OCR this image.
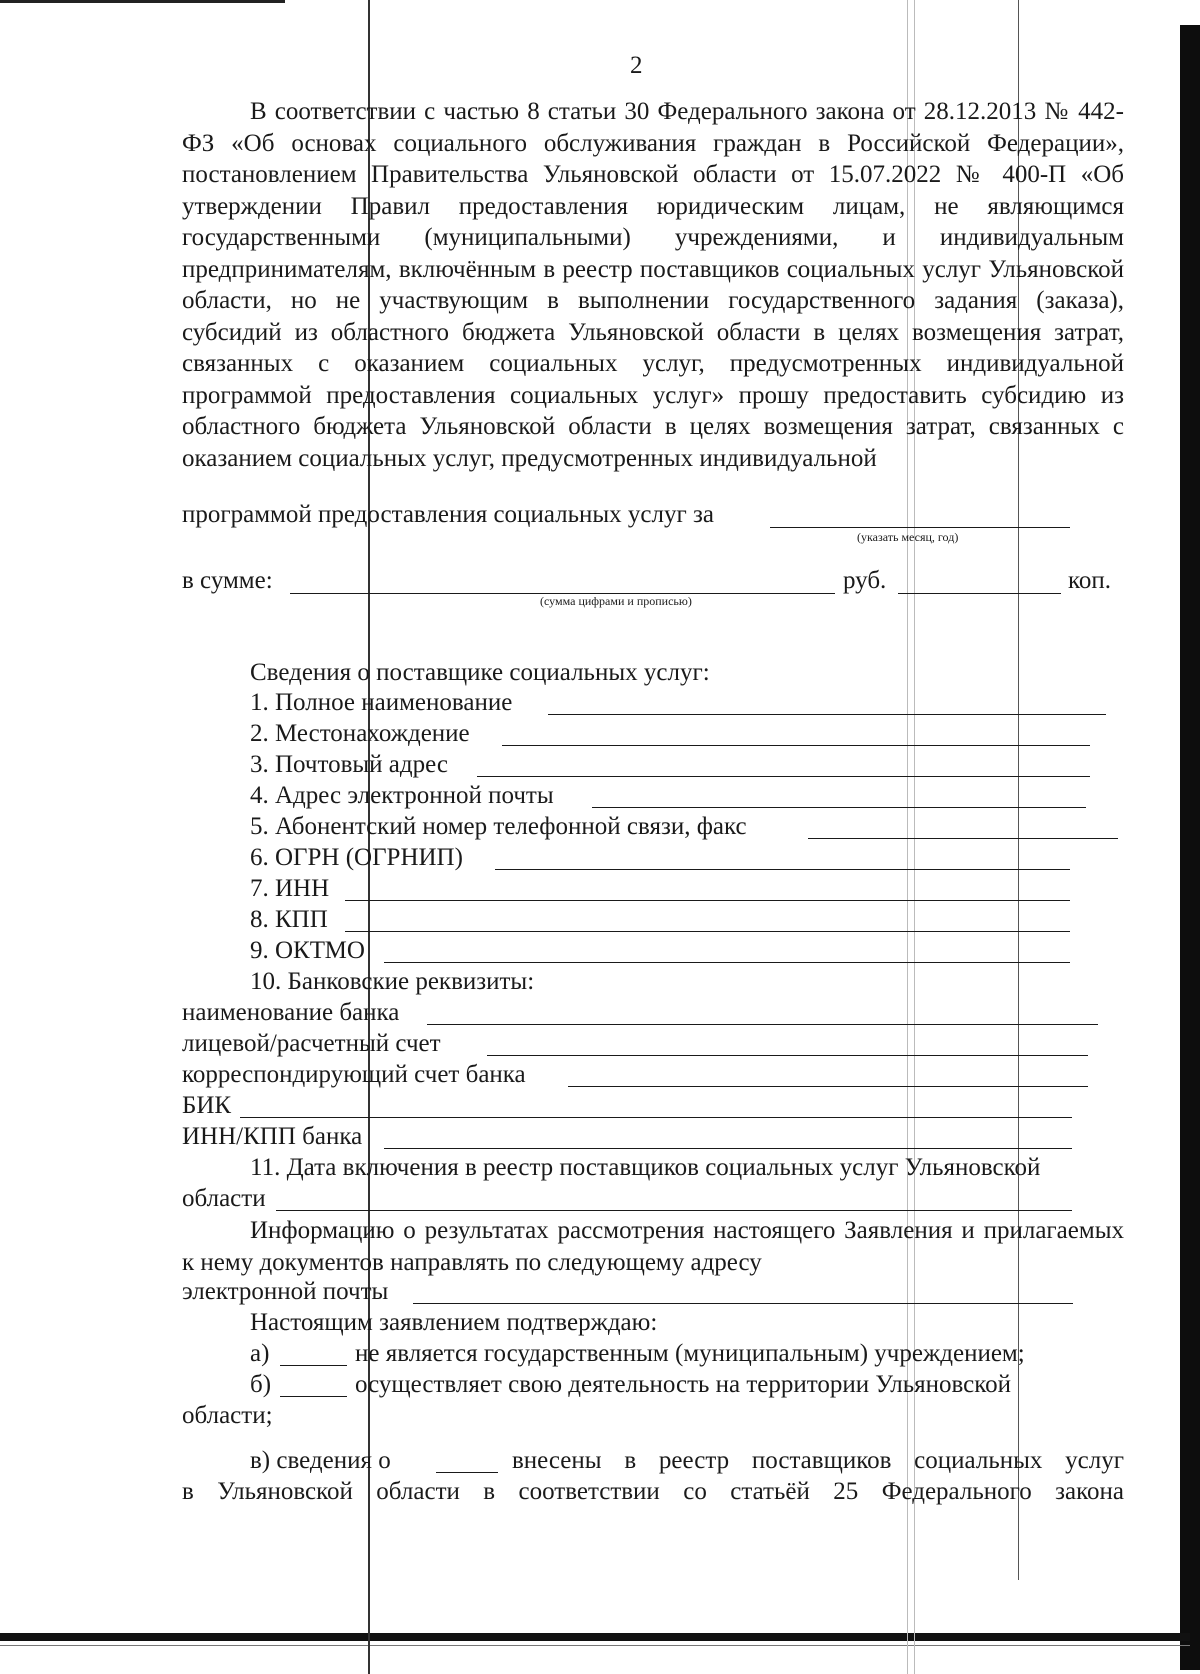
2

В соответствии с частью 8 статьи 30 Федерального закона от 28.12.2013 № 442-ФЗ «Об основах социального обслуживания граждан в Российской Федерации», постановлением Правительства Ульяновской области от 15.07.2022 № 400-П «Об утверждении Правил предоставления юридическим лицам, не являющимся государственными (муниципальными) учреждениями, и индивидуальным предпринимателям, включённым в реестр поставщиков социальных услуг Ульяновской области, но не участвующим в выполнении государственного задания (заказа), субсидий из областного бюджета Ульяновской области в целях возмещения затрат, связанных с оказанием социальных услуг, предусмотренных индивидуальной программой предоставления социальных услуг» прошу предоставить субсидию из областного бюджета Ульяновской области в целях возмещения затрат, связанных с оказанием социальных услуг, предусмотренных индивидуальной

программой предоставления социальных услуг за
(указать месяц, год)
в сумме:	руб.	коп.
(сумма цифрами и прописью)
Сведения о поставщике социальных услуг:
1. Полное наименование
2. Местонахождение
3. Почтовый адрес
4. Адрес электронной почты
5. Абонентский номер телефонной связи, факс
6. ОГРН (ОГРНИП)
7. ИНН
8. КПП
9. ОКТМО
10. Банковские реквизиты:
наименование банка
лицевой/расчетный счет
корреспондирующий счет банка
БИК
ИНН/КПП банка
11. Дата включения в реестр поставщиков социальных услуг Ульяновской
области

Информацию о результатах рассмотрения настоящего Заявления и прилагаемых к нему документов направлять по следующему адресу

электронной почты
Настоящим заявлением подтверждаю:
а)	не является государственным (муниципальным) учреждением;
б)	осуществляет свою деятельность на территории Ульяновской
области;
в) сведения о	внесены в реестр поставщиков социальных услуг
в Ульяновской области в соответствии со статьёй 25 Федерального закона
